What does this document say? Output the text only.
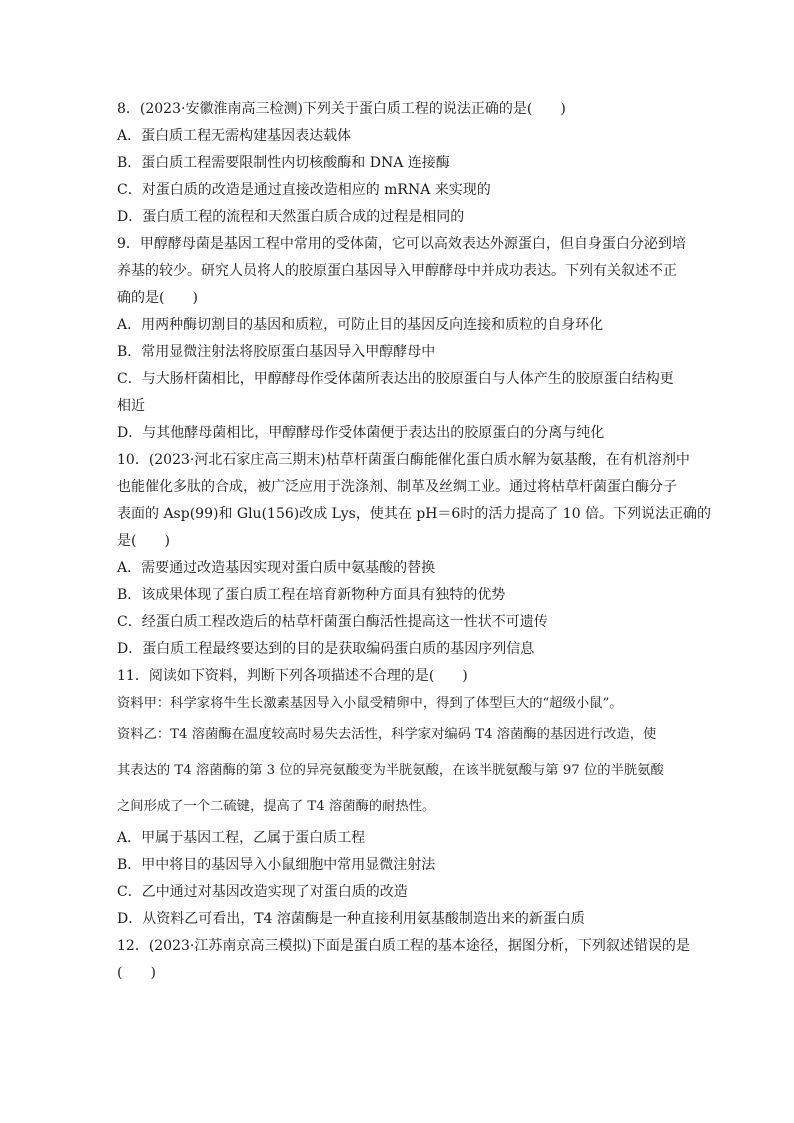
8．(2023·安徽淮南高三检测)下列关于蛋白质工程的说法正确的是(　　)
A．蛋白质工程无需构建基因表达载体
B．蛋白质工程需要限制性内切核酸酶和 DNA 连接酶
C．对蛋白质的改造是通过直接改造相应的 mRNA 来实现的
D．蛋白质工程的流程和天然蛋白质合成的过程是相同的
9．甲醇酵母菌是基因工程中常用的受体菌，它可以高效表达外源蛋白，但自身蛋白分泌到培
养基的较少。研究人员将人的胶原蛋白基因导入甲醇酵母中并成功表达。下列有关叙述不正
确的是(　　)
A．用两种酶切割目的基因和质粒，可防止目的基因反向连接和质粒的自身环化
B．常用显微注射法将胶原蛋白基因导入甲醇酵母中
C．与大肠杆菌相比，甲醇酵母作受体菌所表达出的胶原蛋白与人体产生的胶原蛋白结构更
相近
D．与其他酵母菌相比，甲醇酵母作受体菌便于表达出的胶原蛋白的分离与纯化
10．(2023·河北石家庄高三期末)枯草杆菌蛋白酶能催化蛋白质水解为氨基酸，在有机溶剂中
也能催化多肽的合成，被广泛应用于洗涤剂、制革及丝绸工业。通过将枯草杆菌蛋白酶分子
表面的 Asp(99)和 Glu(156)改成 Lys，使其在 pH＝6时的活力提高了 10 倍。下列说法正确的
是(　　)
A．需要通过改造基因实现对蛋白质中氨基酸的替换
B．该成果体现了蛋白质工程在培育新物种方面具有独特的优势
C．经蛋白质工程改造后的枯草杆菌蛋白酶活性提高这一性状不可遗传
D．蛋白质工程最终要达到的目的是获取编码蛋白质的基因序列信息
11．阅读如下资料，判断下列各项描述不合理的是(　　)
资料甲：科学家将牛生长激素基因导入小鼠受精卵中，得到了体型巨大的“超级小鼠”。
资料乙：T4 溶菌酶在温度较高时易失去活性，科学家对编码 T4 溶菌酶的基因进行改造，使
其表达的 T4 溶菌酶的第 3 位的异亮氨酸变为半胱氨酸，在该半胱氨酸与第 97 位的半胱氨酸
之间形成了一个二硫键，提高了 T4 溶菌酶的耐热性。
A．甲属于基因工程，乙属于蛋白质工程
B．甲中将目的基因导入小鼠细胞中常用显微注射法
C．乙中通过对基因改造实现了对蛋白质的改造
D．从资料乙可看出，T4 溶菌酶是一种直接利用氨基酸制造出来的新蛋白质
12．(2023·江苏南京高三模拟)下面是蛋白质工程的基本途径，据图分析，下列叙述错误的是
(　　)
